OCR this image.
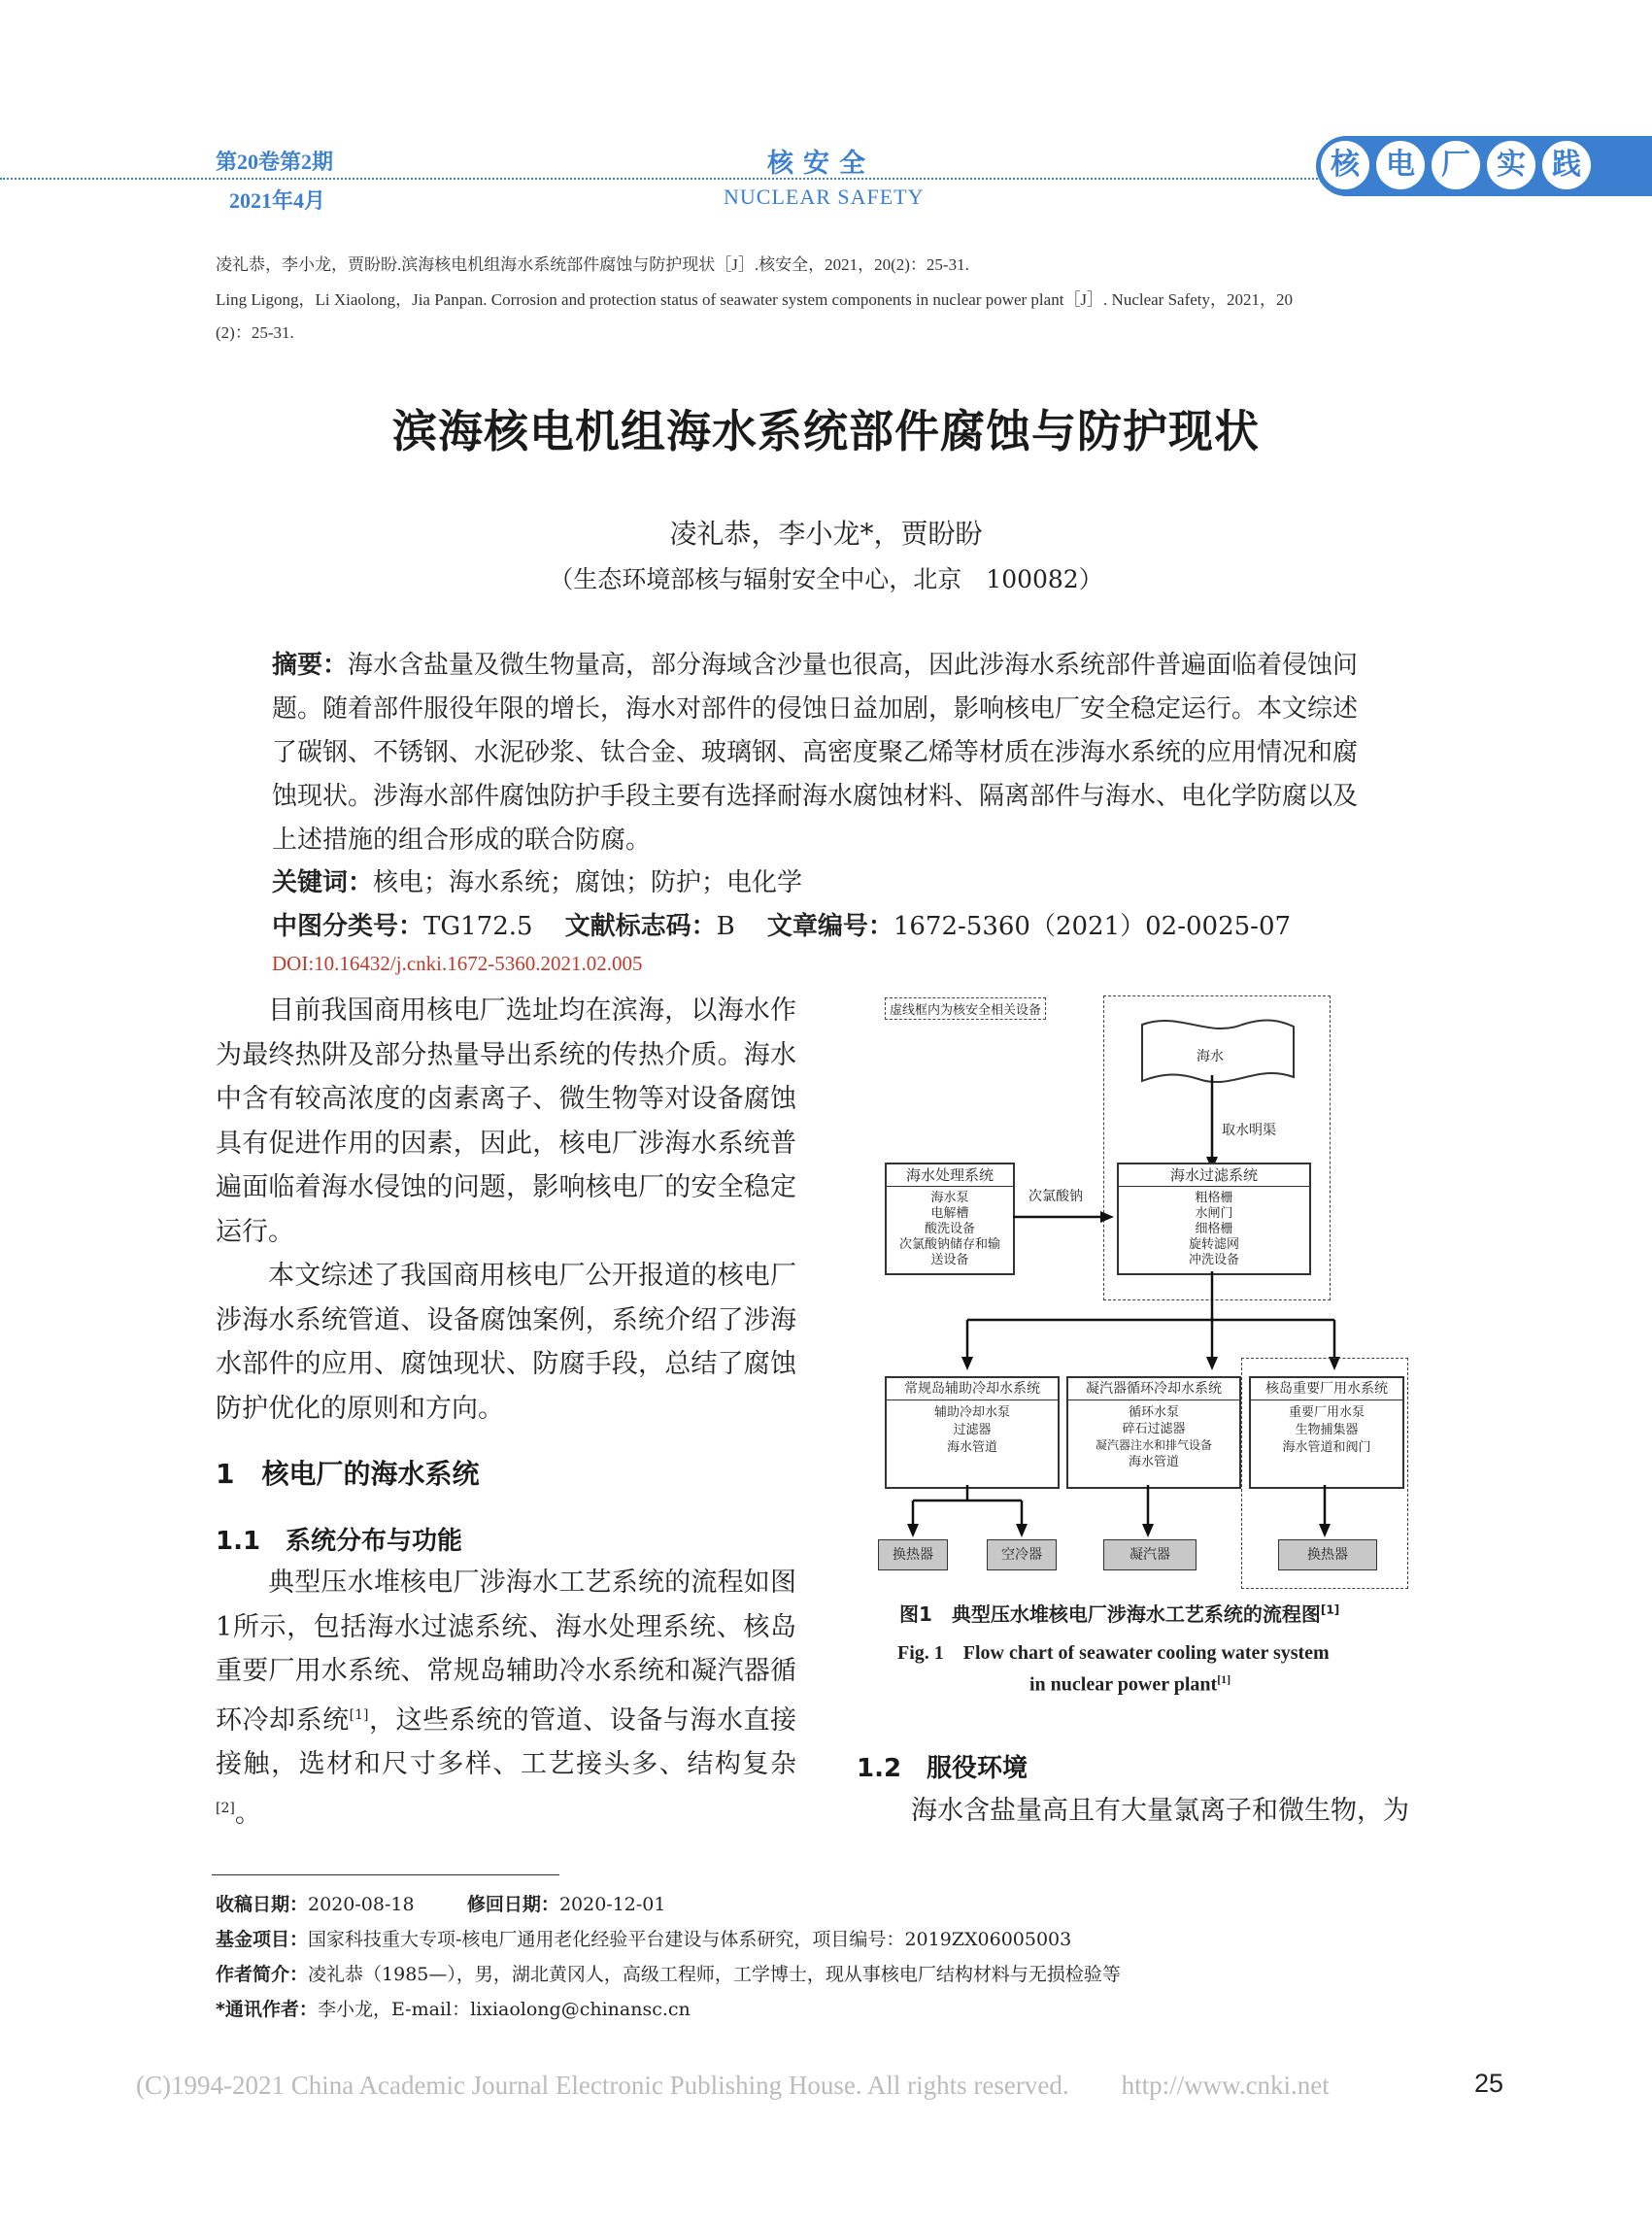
第20卷第2期
2021年4月
核安全
NUCLEAR SAFETY
核 电 厂 实 践
凌礼恭，李小龙，贾盼盼.滨海核电机组海水系统部件腐蚀与防护现状［J］.核安全，2021，20(2)：25-31.
Ling Ligong，Li Xiaolong，Jia Panpan. Corrosion and protection status of seawater system components in nuclear power plant［J］. Nuclear Safety，2021，20
(2)：25-31.
滨海核电机组海水系统部件腐蚀与防护现状
凌礼恭，李小龙*，贾盼盼
（生态环境部核与辐射安全中心，北京　100082）
摘要：海水含盐量及微生物量高，部分海域含沙量也很高，因此涉海水系统部件普遍面临着侵蚀问题。随着部件服役年限的增长，海水对部件的侵蚀日益加剧，影响核电厂安全稳定运行。本文综述了碳钢、不锈钢、水泥砂浆、钛合金、玻璃钢、高密度聚乙烯等材质在涉海水系统的应用情况和腐蚀现状。涉海水部件腐蚀防护手段主要有选择耐海水腐蚀材料、隔离部件与海水、电化学防腐以及上述措施的组合形成的联合防腐。
关键词：核电；海水系统；腐蚀；防护；电化学
中图分类号：TG172.5 文献标志码：B 文章编号：1672-5360（2021）02-0025-07
DOI:10.16432/j.cnki.1672-5360.2021.02.005

目前我国商用核电厂选址均在滨海，以海水作为最终热阱及部分热量导出系统的传热介质。海水中含有较高浓度的卤素离子、微生物等对设备腐蚀具有促进作用的因素，因此，核电厂涉海水系统普遍面临着海水侵蚀的问题，影响核电厂的安全稳定运行。

本文综述了我国商用核电厂公开报道的核电厂涉海水系统管道、设备腐蚀案例，系统介绍了涉海水部件的应用、腐蚀现状、防腐手段，总结了腐蚀防护优化的原则和方向。

1　核电厂的海水系统
1.1　系统分布与功能

典型压水堆核电厂涉海水工艺系统的流程如图1所示，包括海水过滤系统、海水处理系统、核岛重要厂用水系统、常规岛辅助冷水系统和凝汽器循环冷却系统[1]，这些系统的管道、设备与海水直接接触，选材和尺寸多样、工艺接头多、结构复杂[2]。

虚线框内为核安全相关设备
海水
取水明渠
海水处理系统
海水泵
电解槽
酸洗设备
次氯酸钠储存和输
送设备
次氯酸钠
海水过滤系统
粗格栅
水闸门
细格栅
旋转滤网
冲洗设备
常规岛辅助冷却水系统
辅助冷却水泵
过滤器
海水管道
凝汽器循环冷却水系统
循环水泵
碎石过滤器
凝汽器注水和排气设备
海水管道
核岛重要厂用水系统
重要厂用水泵
生物捕集器
海水管道和阀门
换热器	空冷器	凝汽器	换热器
图1　典型压水堆核电厂涉海水工艺系统的流程图[1]
Fig. 1　Flow chart of seawater cooling water system
in nuclear power plant[1]
1.2　服役环境
海水含盐量高且有大量氯离子和微生物，为
收稿日期：2020-08-18	修回日期：2020-12-01
基金项目：国家科技重大专项-核电厂通用老化经验平台建设与体系研究，项目编号：2019ZX06005003
作者简介：凌礼恭（1985—），男，湖北黄冈人，高级工程师，工学博士，现从事核电厂结构材料与无损检验等
*通讯作者：李小龙，E-mail：lixiaolong@chinansc.cn
(C)1994-2021 China Academic Journal Electronic Publishing House. All rights reserved.　　http://www.cnki.net	25
